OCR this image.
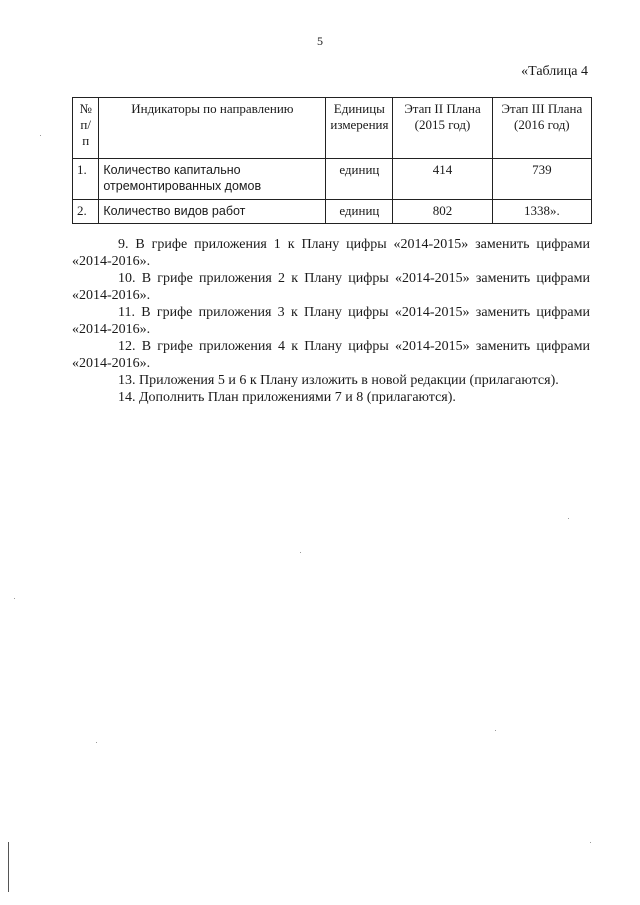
5
«Таблица 4
№ п/п	Индикаторы по направлению	Единицы измерения	Этап II Плана (2015 год)	Этап III Плана (2016 год)
1.	Количество капитально отремонтированных домов	единиц	414	739
2.	Количество видов работ	единиц	802	1338».

9. В грифе приложения 1 к Плану цифры «2014-2015» заменить цифрами «2014-2016».

10. В грифе приложения 2 к Плану цифры «2014-2015» заменить цифрами «2014-2016».

11. В грифе приложения 3 к Плану цифры «2014-2015» заменить цифрами «2014-2016».

12. В грифе приложения 4 к Плану цифры «2014-2015» заменить цифрами «2014-2016».

13. Приложения 5 и 6 к Плану изложить в новой редакции (прилагаются).

14. Дополнить План приложениями 7 и 8 (прилагаются).
